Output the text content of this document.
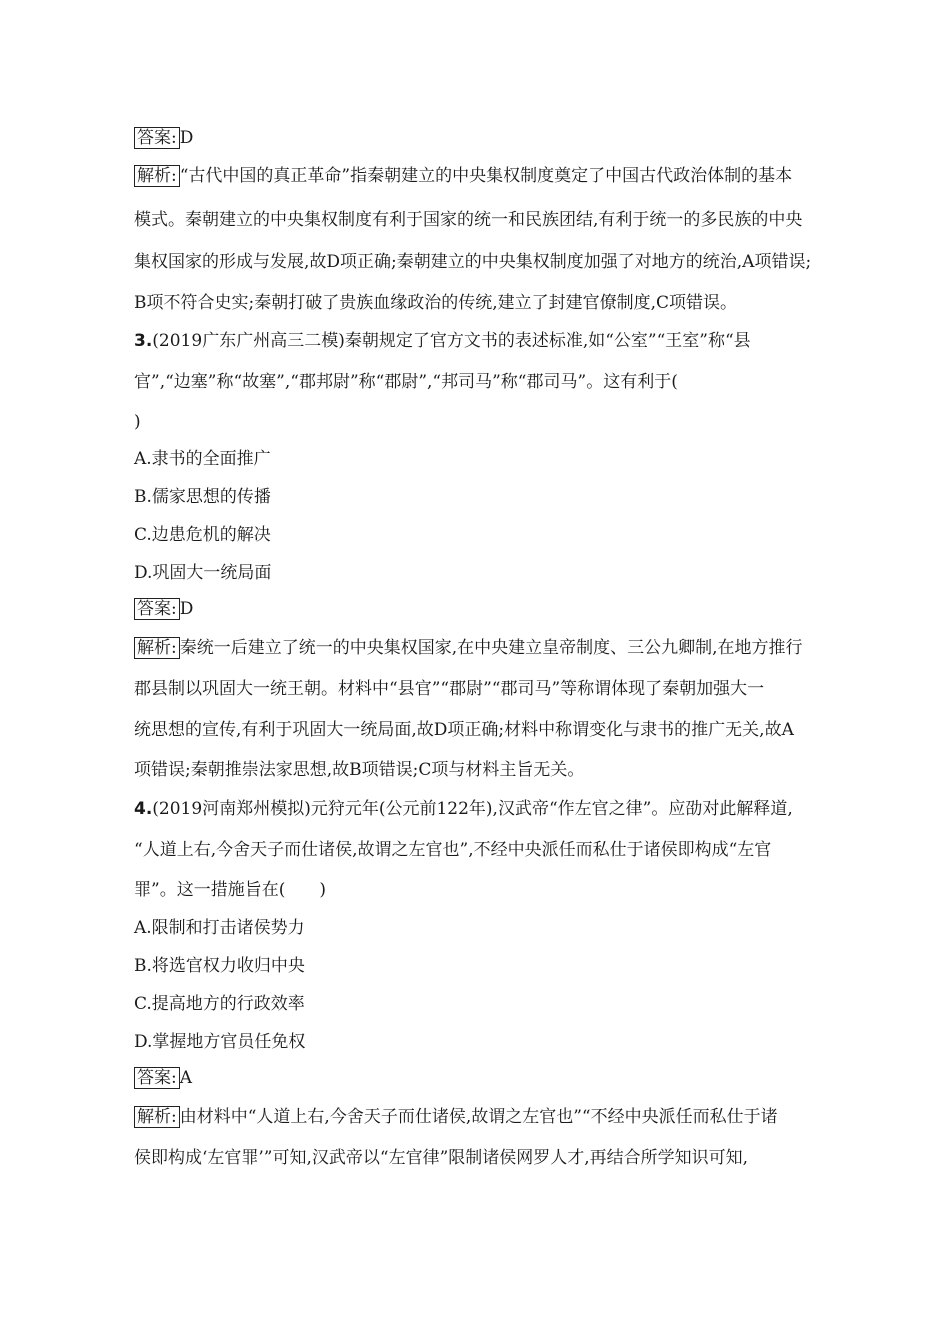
答案: D

解析: “古代中国的真正革命”指秦朝建立的中央集权制度奠定了中国古代政治体制的基本

模式。秦朝建立的中央集权制度有利于国家的统一和民族团结,有利于统一的多民族的中央

集权国家的形成与发展,故D项正确;秦朝建立的中央集权制度加强了对地方的统治,A项错误;

B项不符合史实;秦朝打破了贵族血缘政治的传统,建立了封建官僚制度,C项错误。

3.(2019广东广州高三二模)秦朝规定了官方文书的表述标准,如“公室”“王室”称“县

官”,“边塞”称“故塞”,“郡邦尉”称“郡尉”,“邦司马”称“郡司马”。这有利于(

)

A.隶书的全面推广

B.儒家思想的传播

C.边患危机的解决

D.巩固大一统局面

答案: D

解析: 秦统一后建立了统一的中央集权国家,在中央建立皇帝制度、三公九卿制,在地方推行

郡县制以巩固大一统王朝。材料中“县官”“郡尉”“郡司马”等称谓体现了秦朝加强大一

统思想的宣传,有利于巩固大一统局面,故D项正确;材料中称谓变化与隶书的推广无关,故A

项错误;秦朝推崇法家思想,故B项错误;C项与材料主旨无关。

4.(2019河南郑州模拟)元狩元年(公元前122年),汉武帝“作左官之律”。应劭对此解释道,

“人道上右,今舍天子而仕诸侯,故谓之左官也”,不经中央派任而私仕于诸侯即构成“左官

罪”。这一措施旨在(　　)

A.限制和打击诸侯势力

B.将选官权力收归中央

C.提高地方的行政效率

D.掌握地方官员任免权

答案: A

解析: 由材料中“人道上右,今舍天子而仕诸侯,故谓之左官也”“不经中央派任而私仕于诸

侯即构成‘左官罪’”可知,汉武帝以“左官律”限制诸侯网罗人才,再结合所学知识可知,
